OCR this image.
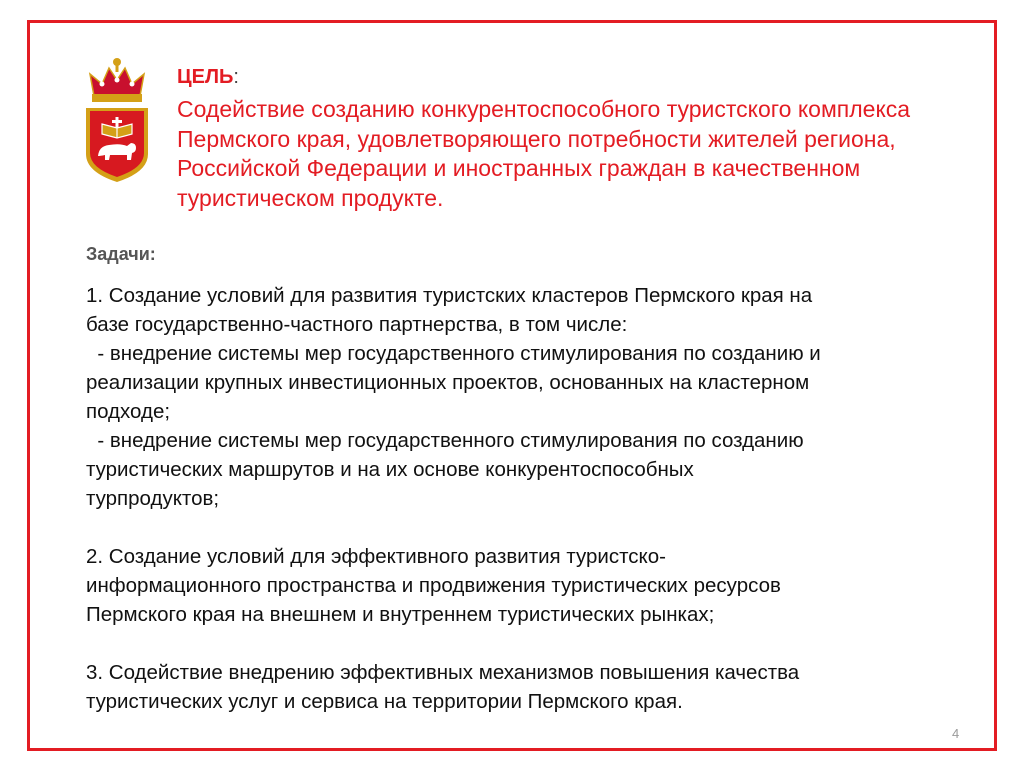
ЦЕЛЬ:
Содействие созданию конкурентоспособного туристского комплекса
Пермского края, удовлетворяющего потребности жителей региона,
Российской Федерации и иностранных граждан в качественном
туристическом продукте.
Задачи:
1. Создание условий для развития туристских кластеров Пермского края на
базе государственно-частного партнерства, в том числе:
- внедрение системы мер государственного стимулирования по созданию и
реализации крупных инвестиционных проектов, основанных на кластерном
подходе;
- внедрение системы мер государственного стимулирования по созданию
туристических маршрутов и на их основе конкурентоспособных
турпродуктов;
2. Создание условий для эффективного развития туристско-
информационного пространства и продвижения туристических ресурсов
Пермского края на внешнем и внутреннем туристических рынках;
3. Содействие внедрению эффективных механизмов повышения качества
туристических услуг и сервиса на территории Пермского края.
4
